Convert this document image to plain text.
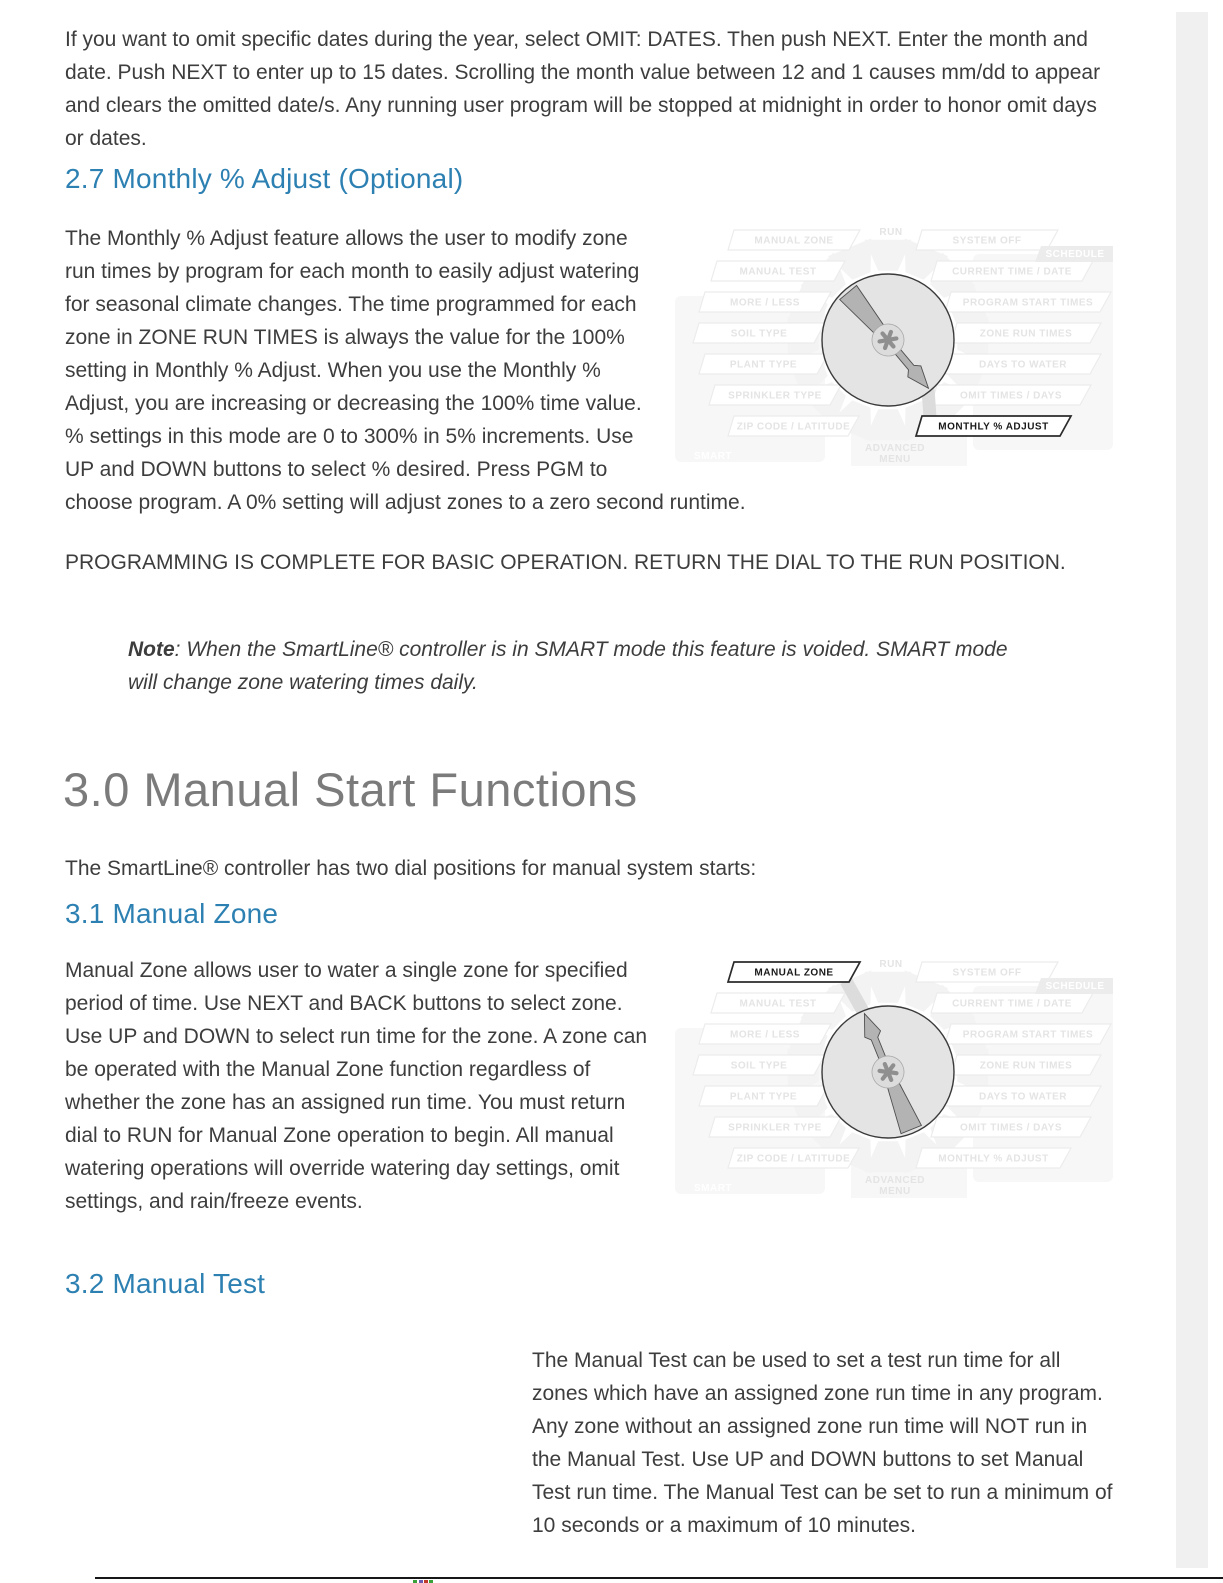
If you want to omit specific dates during the year, select OMIT: DATES. Then push NEXT. Enter the month and date. Push NEXT to enter up to 15 dates. Scrolling the month value between 12 and 1 causes mm/dd to appear and clears the omitted date/s. Any running user program will be stopped at midnight in order to honor omit days or dates.

2.7 Monthly % Adjust (Optional)
RUN
MANUAL ZONE
MANUAL TEST
MORE / LESS
SOIL TYPE
PLANT TYPE
SPRINKLER TYPE
ZIP CODE / LATITUDE
SYSTEM OFF
CURRENT TIME / DATE
PROGRAM START TIMES
ZONE RUN TIMES
DAYS TO WATER
OMIT TIMES / DAYS
SCHEDULE
SMART
ADVANCED
MENU
MONTHLY % ADJUST

The Monthly % Adjust feature allows the user to modify zone run times by program for each month to easily adjust watering for seasonal climate changes. The time programmed for each zone in ZONE RUN TIMES is always the value for the 100% setting in Monthly % Adjust. When you use the Monthly % Adjust, you are increasing or decreasing the 100% time value. % settings in this mode are 0 to 300% in 5% increments. Use UP and DOWN buttons to select % desired. Press PGM to choose program. A 0% setting will adjust zones to a zero second runtime.

PROGRAMMING IS COMPLETE FOR BASIC OPERATION. RETURN THE DIAL TO THE RUN POSITION.

Note: When the SmartLine® controller is in SMART mode this feature is voided. SMART mode will change zone watering times daily.

3.0 Manual Start Functions

The SmartLine® controller has two dial positions for manual system starts:

3.1 Manual Zone
RUN
MANUAL TEST
MORE / LESS
SOIL TYPE
PLANT TYPE
SPRINKLER TYPE
ZIP CODE / LATITUDE
SYSTEM OFF
CURRENT TIME / DATE
PROGRAM START TIMES
ZONE RUN TIMES
DAYS TO WATER
OMIT TIMES / DAYS
MONTHLY % ADJUST
SCHEDULE
SMART
ADVANCED
MENU
MANUAL ZONE

Manual Zone allows user to water a single zone for specified period of time. Use NEXT and BACK buttons to select zone. Use UP and DOWN to select run time for the zone. A zone can be operated with the Manual Zone function regardless of whether the zone has an assigned run time. You must return dial to RUN for Manual Zone operation to begin. All manual watering operations will override watering day settings, omit settings, and rain/freeze events.

3.2 Manual Test

The Manual Test can be used to set a test run time for all zones which have an assigned zone run time in any program. Any zone without an assigned zone run time will NOT run in the Manual Test. Use UP and DOWN buttons to set Manual Test run time. The Manual Test can be set to run a minimum of 10 seconds or a maximum of 10 minutes.
